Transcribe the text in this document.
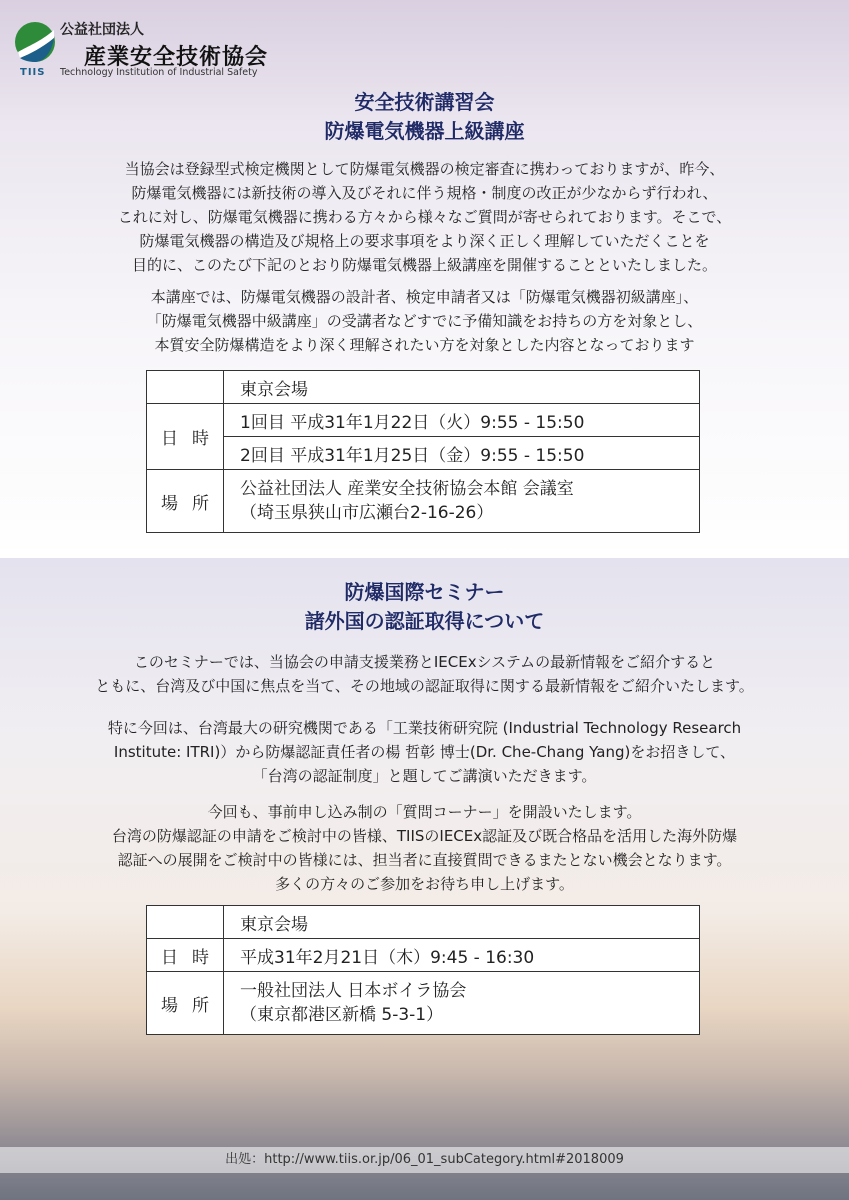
TIIS
公益社団法人
産業安全技術協会
Technology Institution of Industrial Safety
安全技術講習会
防爆電気機器上級講座
当協会は登録型式検定機関として防爆電気機器の検定審査に携わっておりますが、昨今、
防爆電気機器には新技術の導入及びそれに伴う規格・制度の改正が少なからず行われ、
これに対し、防爆電気機器に携わる方々から様々なご質問が寄せられております。そこで、
防爆電気機器の構造及び規格上の要求事項をより深く正しく理解していただくことを
目的に、このたび下記のとおり防爆電気機器上級講座を開催することといたしました。
本講座では、防爆電気機器の設計者、検定申請者又は「防爆電気機器初級講座」、
「防爆電気機器中級講座」の受講者などすでに予備知識をお持ちの方を対象とし、
本質安全防爆構造をより深く理解されたい方を対象とした内容となっております
	東京会場
日時	1回目 平成31年1月22日（火）9:55 - 15:50
	2回目 平成31年1月25日（金）9:55 - 15:50
場所	公益社団法人 産業安全技術協会本館 会議室
（埼玉県狭山市広瀬台2-16-26）
防爆国際セミナー
諸外国の認証取得について
このセミナーでは、当協会の申請支援業務とIECExシステムの最新情報をご紹介すると
ともに、台湾及び中国に焦点を当て、その地域の認証取得に関する最新情報をご紹介いたします。
特に今回は、台湾最大の研究機関である「工業技術研究院 (Industrial Technology Research
Institute: ITRI)）から防爆認証責任者の楊 哲彰 博士(Dr. Che-Chang Yang)をお招きして、
「台湾の認証制度」と題してご講演いただきます。
今回も、事前申し込み制の「質問コーナー」を開設いたします。
台湾の防爆認証の申請をご検討中の皆様、TIISのIECEx認証及び既合格品を活用した海外防爆
認証への展開をご検討中の皆様には、担当者に直接質問できるまたとない機会となります。
多くの方々のご参加をお待ち申し上げます。
	東京会場
日時	平成31年2月21日（木）9:45 - 16:30
場所	一般社団法人 日本ボイラ協会
（東京都港区新橋 5-3-1）
出処：http://www.tiis.or.jp/06_01_subCategory.html#2018009
